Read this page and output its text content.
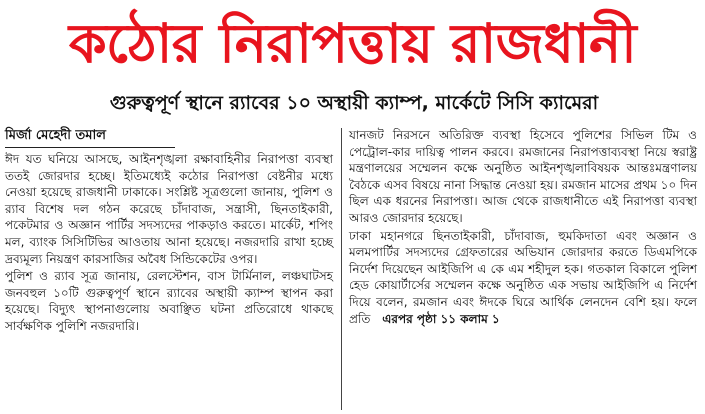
কঠোর নিরাপত্তায় রাজধানী
গুরুত্বপূর্ণ স্থানে র‍্যাবের ১০ অস্থায়ী ক্যাম্প, মার্কেটে সিসি ক্যামেরা
মির্জা মেহেদী তমাল
ঈদ যত ঘনিয়ে আসছে, আইনশৃঙ্খলা রক্ষাবাহিনীর নিরাপত্তা ব্যবস্থা ততই জোরদার হচ্ছে। ইতিমধ্যেই কঠোর নিরাপত্তা বেষ্টনীর মধ্যে নেওয়া হয়েছে রাজধানী ঢাকাকে। সংশ্লিষ্ট সূত্রগুলো জানায়, পুলিশ ও র‍্যাব বিশেষ দল গঠন করেছে চাঁদাবাজ, সন্ত্রাসী, ছিনতাইকারী, পকেটমার ও অজ্ঞান পার্টির সদস্যদের পাকড়াও করতে। মার্কেট, শপিং মল, ব্যাংক সিসিটিভির আওতায় আনা হয়েছে। নজরদারি রাখা হচ্ছে দ্রব্যমূল্য নিয়ন্ত্রণ কারসাজির অবৈধ সিন্ডিকেটের ওপর।
পুলিশ ও র‍্যাব সূত্র জানায়, রেলস্টেশন, বাস টার্মিনাল, লঞ্চঘাটসহ জনবহুল ১০টি গুরুত্বপূর্ণ স্থানে র‍্যাবের অস্থায়ী ক্যাম্প স্থাপন করা হয়েছে। বিদ্যুৎ স্থাপনাগুলোয় অবাঞ্ছিত ঘটনা প্রতিরোধে থাকছে সার্বক্ষণিক পুলিশি নজরদারি।
যানজট নিরসনে অতিরিক্ত ব্যবস্থা হিসেবে পুলিশের সিভিল টিম ও পেট্রোল-কার দায়িত্ব পালন করবে। রমজানের নিরাপত্তাব্যবস্থা নিয়ে স্বরাষ্ট্র মন্ত্রণালয়ের সম্মেলন কক্ষে অনুষ্ঠিত আইনশৃঙ্খলাবিষয়ক আন্তঃমন্ত্রণালয় বৈঠকে এসব বিষয়ে নানা সিদ্ধান্ত নেওয়া হয়। রমজান মাসের প্রথম ১০ দিন ছিল এক ধরনের নিরাপত্তা। আজ থেকে রাজধানীতে এই নিরাপত্তা ব্যবস্থা আরও জোরদার হয়েছে।
ঢাকা মহানগরে ছিনতাইকারী, চাঁদাবাজ, হুমকিদাতা এবং অজ্ঞান ও মলমপার্টির সদস্যদের গ্রেফতারের অভিযান জোরদার করতে ডিএমপিকে নির্দেশ দিয়েছেন আইজিপি এ কে এম শহীদুল হক। গতকাল বিকালে পুলিশ হেড কোয়ার্টার্সের সম্মেলন কক্ষে অনুষ্ঠিত এক সভায় আইজিপি এ নির্দেশ দিয়ে বলেন, রমজান এবং ঈদকে ঘিরে আর্থিক লেনদেন বেশি হয়। ফলে প্রতি এরপর পৃষ্ঠা ১১ কলাম ১
